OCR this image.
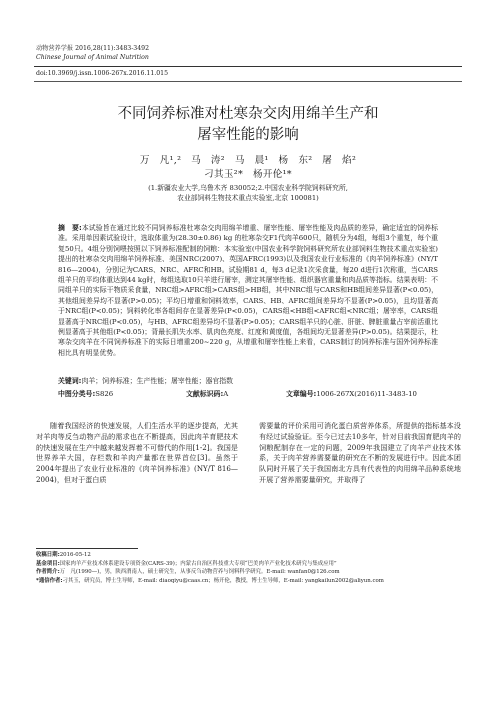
动物营养学报 2016,28(11):3483-3492
Chinese Journal of Animal Nutrition
doi:10.3969/j.issn.1006-267x.2016.11.015
不同饲养标准对杜寒杂交肉用绵羊生产和
屠宰性能的影响
万　凡¹,²　马　涛²　马　晨¹　杨　东²　屠　焰²
刁其玉²*　杨开伦¹*
(1.新疆农业大学,乌鲁木齐 830052;2.中国农业科学院饲料研究所,
农业部饲料生物技术重点实验室,北京 100081)
摘　要:本试验旨在通过比较不同饲养标准杜寒杂交肉用绵羊增重、屠宰性能、屠宰性能及肉品质的差异，确定适宜的饲养标准。采用单因素试验设计，选取体重为(28.30±0.86) kg 的杜寒杂交F1代肉羊600只，随机分为4组，每组3个重复，每个重复50只。4组分别饲喂按照以下饲养标准配制的饲粮：本实验室(中国农业科学院饲料研究所农业部饲料生物技术重点实验室)提出的杜寒杂交肉用绵羊饲养标准、美国NRC(2007)、英国AFRC(1993)以及我国农业行业标准的《肉羊饲养标准》(NY/T 816—2004)，分别记为CARS、NRC、AFRC和HB。试验期81 d，每3 d记录1次采食量，每20 d进行1次称重，当CARS组羊只的平均体重达到44 kg时，每组选取10只羊进行屠宰，测定其屠宰性能、组织器官重量和肉品质等指标。结果表明：不同组羊只的实际干物质采食量，NRC组>AFRC组>CARS组>HB组，其中NRC组与CARS和HB组间差异显著(P<0.05)，其他组间差异均不显著(P>0.05)；平均日增重和饲料效率，CARS、HB、AFRC组间差异均不显著(P>0.05)，且均显著高于NRC组(P<0.05)；饲料转化率各组间存在显著差异(P<0.05)，CARS组<HB组<AFRC组<NRC组；屠宰率，CARS组显著高于NRC组(P<0.05)，与HB、AFRC组差异均不显著(P>0.05)；CARS组羊只的心脏、肝脏、脾脏重量占宰前活重比例显著高于其他组(P<0.05)；背最长肌失水率、肌肉色亮度、红度和黄度值，各组间均无显著差异(P>0.05)。结果提示，杜寒杂交肉羊在不同饲养标准下的实际日增重200~220 g，从增重和屠宰性能上来看，CARS制订的饲养标准与国外饲养标准相比具有明显优势。
关键词:肉羊；饲养标准；生产性能；屠宰性能；器官指数
中图分类号:S826	文献标识码:A	文章编号:1006-267X(2016)11-3483-10
随着我国经济的快速发展，人们生活水平的逐步提高，尤其对羊肉等反刍动物产品的需求也在不断提高，因此肉羊育肥技术的快速发展在生产中越来越发挥着不可替代的作用[1-2]。我国是世界养羊大国，存栏数和羊肉产量都在世界首位[3]。虽然于2004年提出了农业行业标准的《肉羊饲养标准》(NY/T 816—2004)，但对于蛋白质
需要量的评价采用可消化蛋白质营养体系，所提供的指标基本没有经过试验验证。至今已过去10多年，针对目前我国育肥肉羊的饲粮配制存在一定的问题，2009年我国建立了肉羊产业技术体系，关于肉羊营养需要量的研究在不断的发展进行中。因此本团队同时开展了关于我国南北方具有代表性的肉用绵羊品种系统地开展了营养需要量研究，并取得了
收稿日期:2016-05-12
基金项目:国家肉羊产业技术体系建设专项资金(CARS-39)；内蒙古自治区科技重大专项“巴美肉羊产业化技术研究与集成应用”
作者简介:万　凡(1990—)，男，陕西渭南人，硕士研究生，从事反刍动物营养与饲料科学研究。E-mail: wanfan0@126.com
*通信作者:刁其玉，研究员，博士生导师，E-mail: diaoqiyu@caas.cn；杨开伦，教授，博士生导师，E-mail: yangkailun2002@aliyun.com
